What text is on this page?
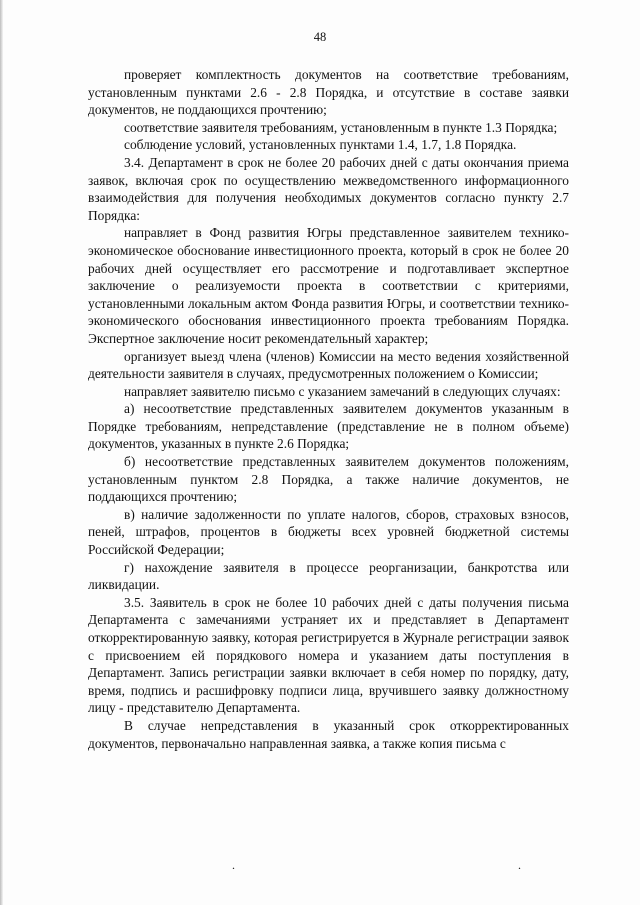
48

проверяет комплектность документов на соответствие требованиям, установленным пунктами 2.6 - 2.8 Порядка, и отсутствие в составе заявки документов, не поддающихся прочтению;

соответствие заявителя требованиям, установленным в пункте 1.3 Порядка;

соблюдение условий, установленных пунктами 1.4, 1.7, 1.8 Порядка.

3.4. Департамент в срок не более 20 рабочих дней с даты окончания приема заявок, включая срок по осуществлению межведомственного информационного взаимодействия для получения необходимых документов согласно пункту 2.7 Порядка:

направляет в Фонд развития Югры представленное заявителем технико-экономическое обоснование инвестиционного проекта, который в срок не более 20 рабочих дней осуществляет его рассмотрение и подготавливает экспертное заключение о реализуемости проекта в соответствии с критериями, установленными локальным актом Фонда развития Югры, и соответствии технико-экономического обоснования инвестиционного проекта требованиям Порядка. Экспертное заключение носит рекомендательный характер;

организует выезд члена (членов) Комиссии на место ведения хозяйственной деятельности заявителя в случаях, предусмотренных положением о Комиссии;

направляет заявителю письмо с указанием замечаний в следующих случаях:

а) несоответствие представленных заявителем документов указанным в Порядке требованиям, непредставление (представление не в полном объеме) документов, указанных в пункте 2.6 Порядка;

б) несоответствие представленных заявителем документов положениям, установленным пунктом 2.8 Порядка, а также наличие документов, не поддающихся прочтению;

в) наличие задолженности по уплате налогов, сборов, страховых взносов, пеней, штрафов, процентов в бюджеты всех уровней бюджетной системы Российской Федерации;

г) нахождение заявителя в процессе реорганизации, банкротства или ликвидации.

3.5. Заявитель в срок не более 10 рабочих дней с даты получения письма Департамента с замечаниями устраняет их и представляет в Департамент откорректированную заявку, которая регистрируется в Журнале регистрации заявок с присвоением ей порядкового номера и указанием даты поступления в Департамент. Запись регистрации заявки включает в себя номер по порядку, дату, время, подпись и расшифровку подписи лица, вручившего заявку должностному лицу - представителю Департамента.

В случае непредставления в указанный срок откорректированных документов, первоначально направленная заявка, а также копия письма с

.	.
